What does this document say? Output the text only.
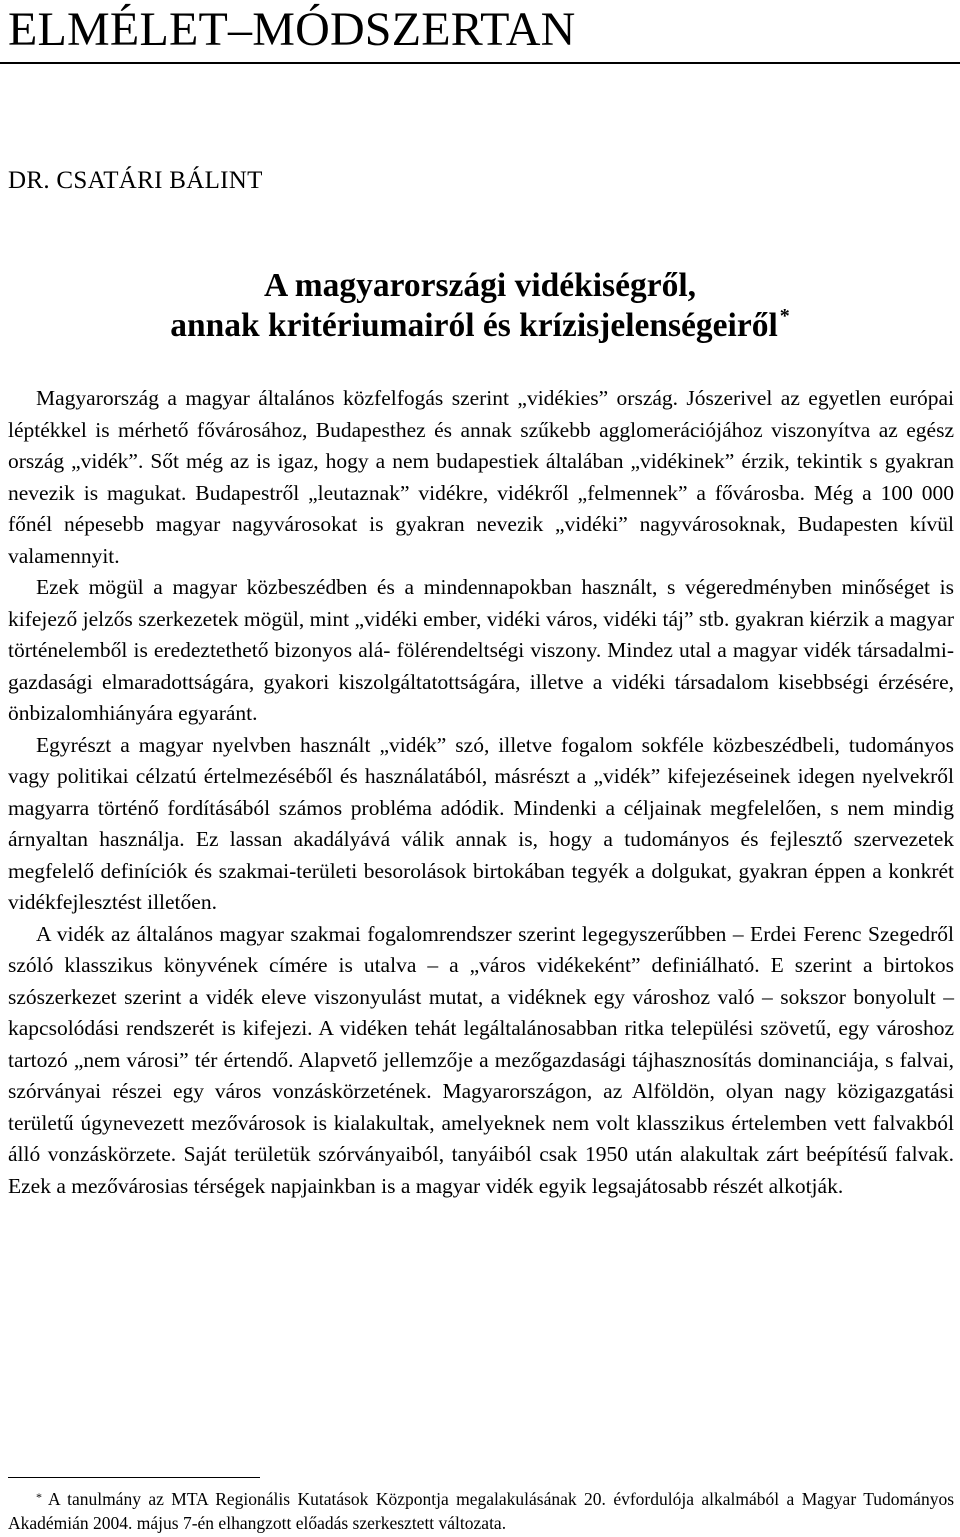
ELMÉLET–MÓDSZERTAN
DR. CSATÁRI BÁLINT
A magyarországi vidékiségről,
annak kritériumairól és krízisjelenségeiről *

Magyarország a magyar általános közfelfogás szerint „vidékies” ország. Jószerivel az egyetlen európai léptékkel is mérhető fővárosához, Budapesthez és annak szűkebb agglomerációjához viszonyítva az egész ország „vidék”. Sőt még az is igaz, hogy a nem budapestiek általában „vidékinek” érzik, tekintik s gyakran nevezik is magukat. Budapestről „leutaznak” vidékre, vidékről „felmennek” a fővárosba. Még a 100 000 főnél népesebb magyar nagyvárosokat is gyakran nevezik „vidéki” nagyvárosoknak, Budapesten kívül valamennyit.

Ezek mögül a magyar közbeszédben és a mindennapokban használt, s végeredményben minőséget is kifejező jelzős szerkezetek mögül, mint „vidéki ember, vidéki város, vidéki táj” stb. gyakran kiérzik a magyar történelemből is eredeztethető bizonyos alá- fölérendeltségi viszony. Mindez utal a magyar vidék társadalmi-gazdasági elmaradottságára, gyakori kiszolgáltatottságára, illetve a vidéki társadalom kisebbségi érzésére, önbizalomhiányára egyaránt.

Egyrészt a magyar nyelvben használt „vidék” szó, illetve fogalom sokféle közbeszédbeli, tudományos vagy politikai célzatú értelmezéséből és használatából, másrészt a „vidék” kifejezéseinek idegen nyelvekről magyarra történő fordításából számos probléma adódik. Mindenki a céljainak megfelelően, s nem mindig árnyaltan használja. Ez lassan akadályává válik annak is, hogy a tudományos és fejlesztő szervezetek megfelelő definíciók és szakmai-területi besorolások birtokában tegyék a dolgukat, gyakran éppen a konkrét vidékfejlesztést illetően.

A vidék az általános magyar szakmai fogalomrendszer szerint legegyszerűbben – Erdei Ferenc Szegedről szóló klasszikus könyvének címére is utalva – a „város vidékeként” definiálható. E szerint a birtokos szószerkezet szerint a vidék eleve viszonyulást mutat, a vidéknek egy városhoz való – sokszor bonyolult – kapcsolódási rendszerét is kifejezi. A vidéken tehát legáltalánosabban ritka települési szövetű, egy városhoz tartozó „nem városi” tér értendő. Alapvető jellemzője a mezőgazdasági tájhasznosítás dominanciája, s falvai, szórványai részei egy város vonzáskörzetének. Magyarországon, az Alföldön, olyan nagy közigazgatási területű úgynevezett mezővárosok is kialakultak, amelyeknek nem volt klasszikus értelemben vett falvakból álló vonzáskörzete. Saját területük szórványaiból, tanyáiból csak 1950 után alakultak zárt beépítésű falvak. Ezek a mezővárosias térségek napjainkban is a magyar vidék egyik legsajátosabb részét alkotják.

* A tanulmány az MTA Regionális Kutatások Központja megalakulásának 20. évfordulója alkalmából a Magyar Tudományos Akadémián 2004. május 7-én elhangzott előadás szerkesztett változata.
